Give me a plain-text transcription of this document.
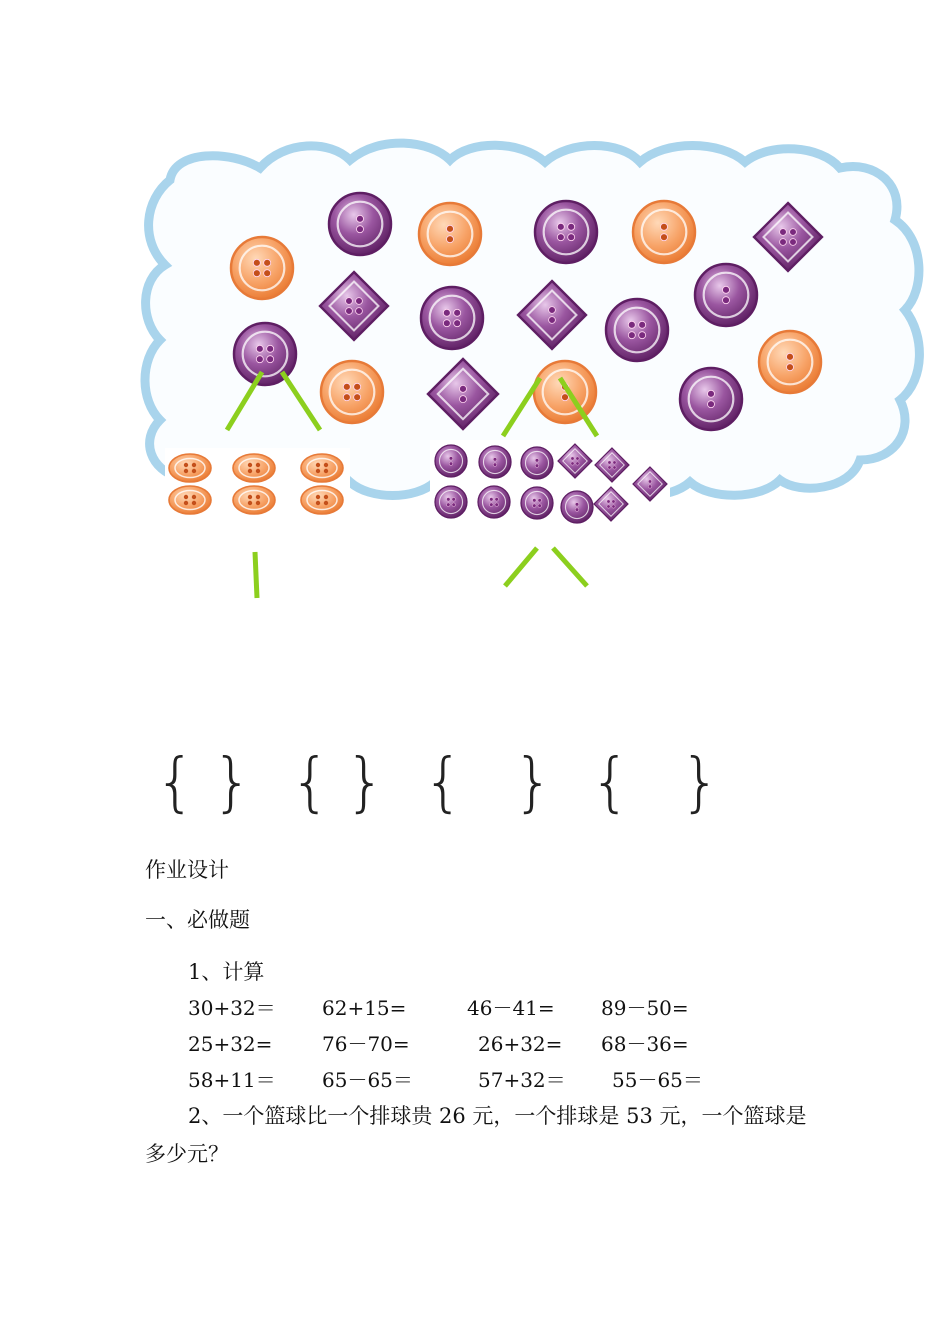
{ } { } { } { }
作业设计
一、必做题
1、计算
30+32＝ 62+15=	46－41= 89－50=
25+32= 76－70=	26+32= 68－36=
58+11＝ 65－65＝	57+32＝ 55－65＝
2、一个篮球比一个排球贵 26 元，一个排球是 53 元，一个篮球是
多少元？
